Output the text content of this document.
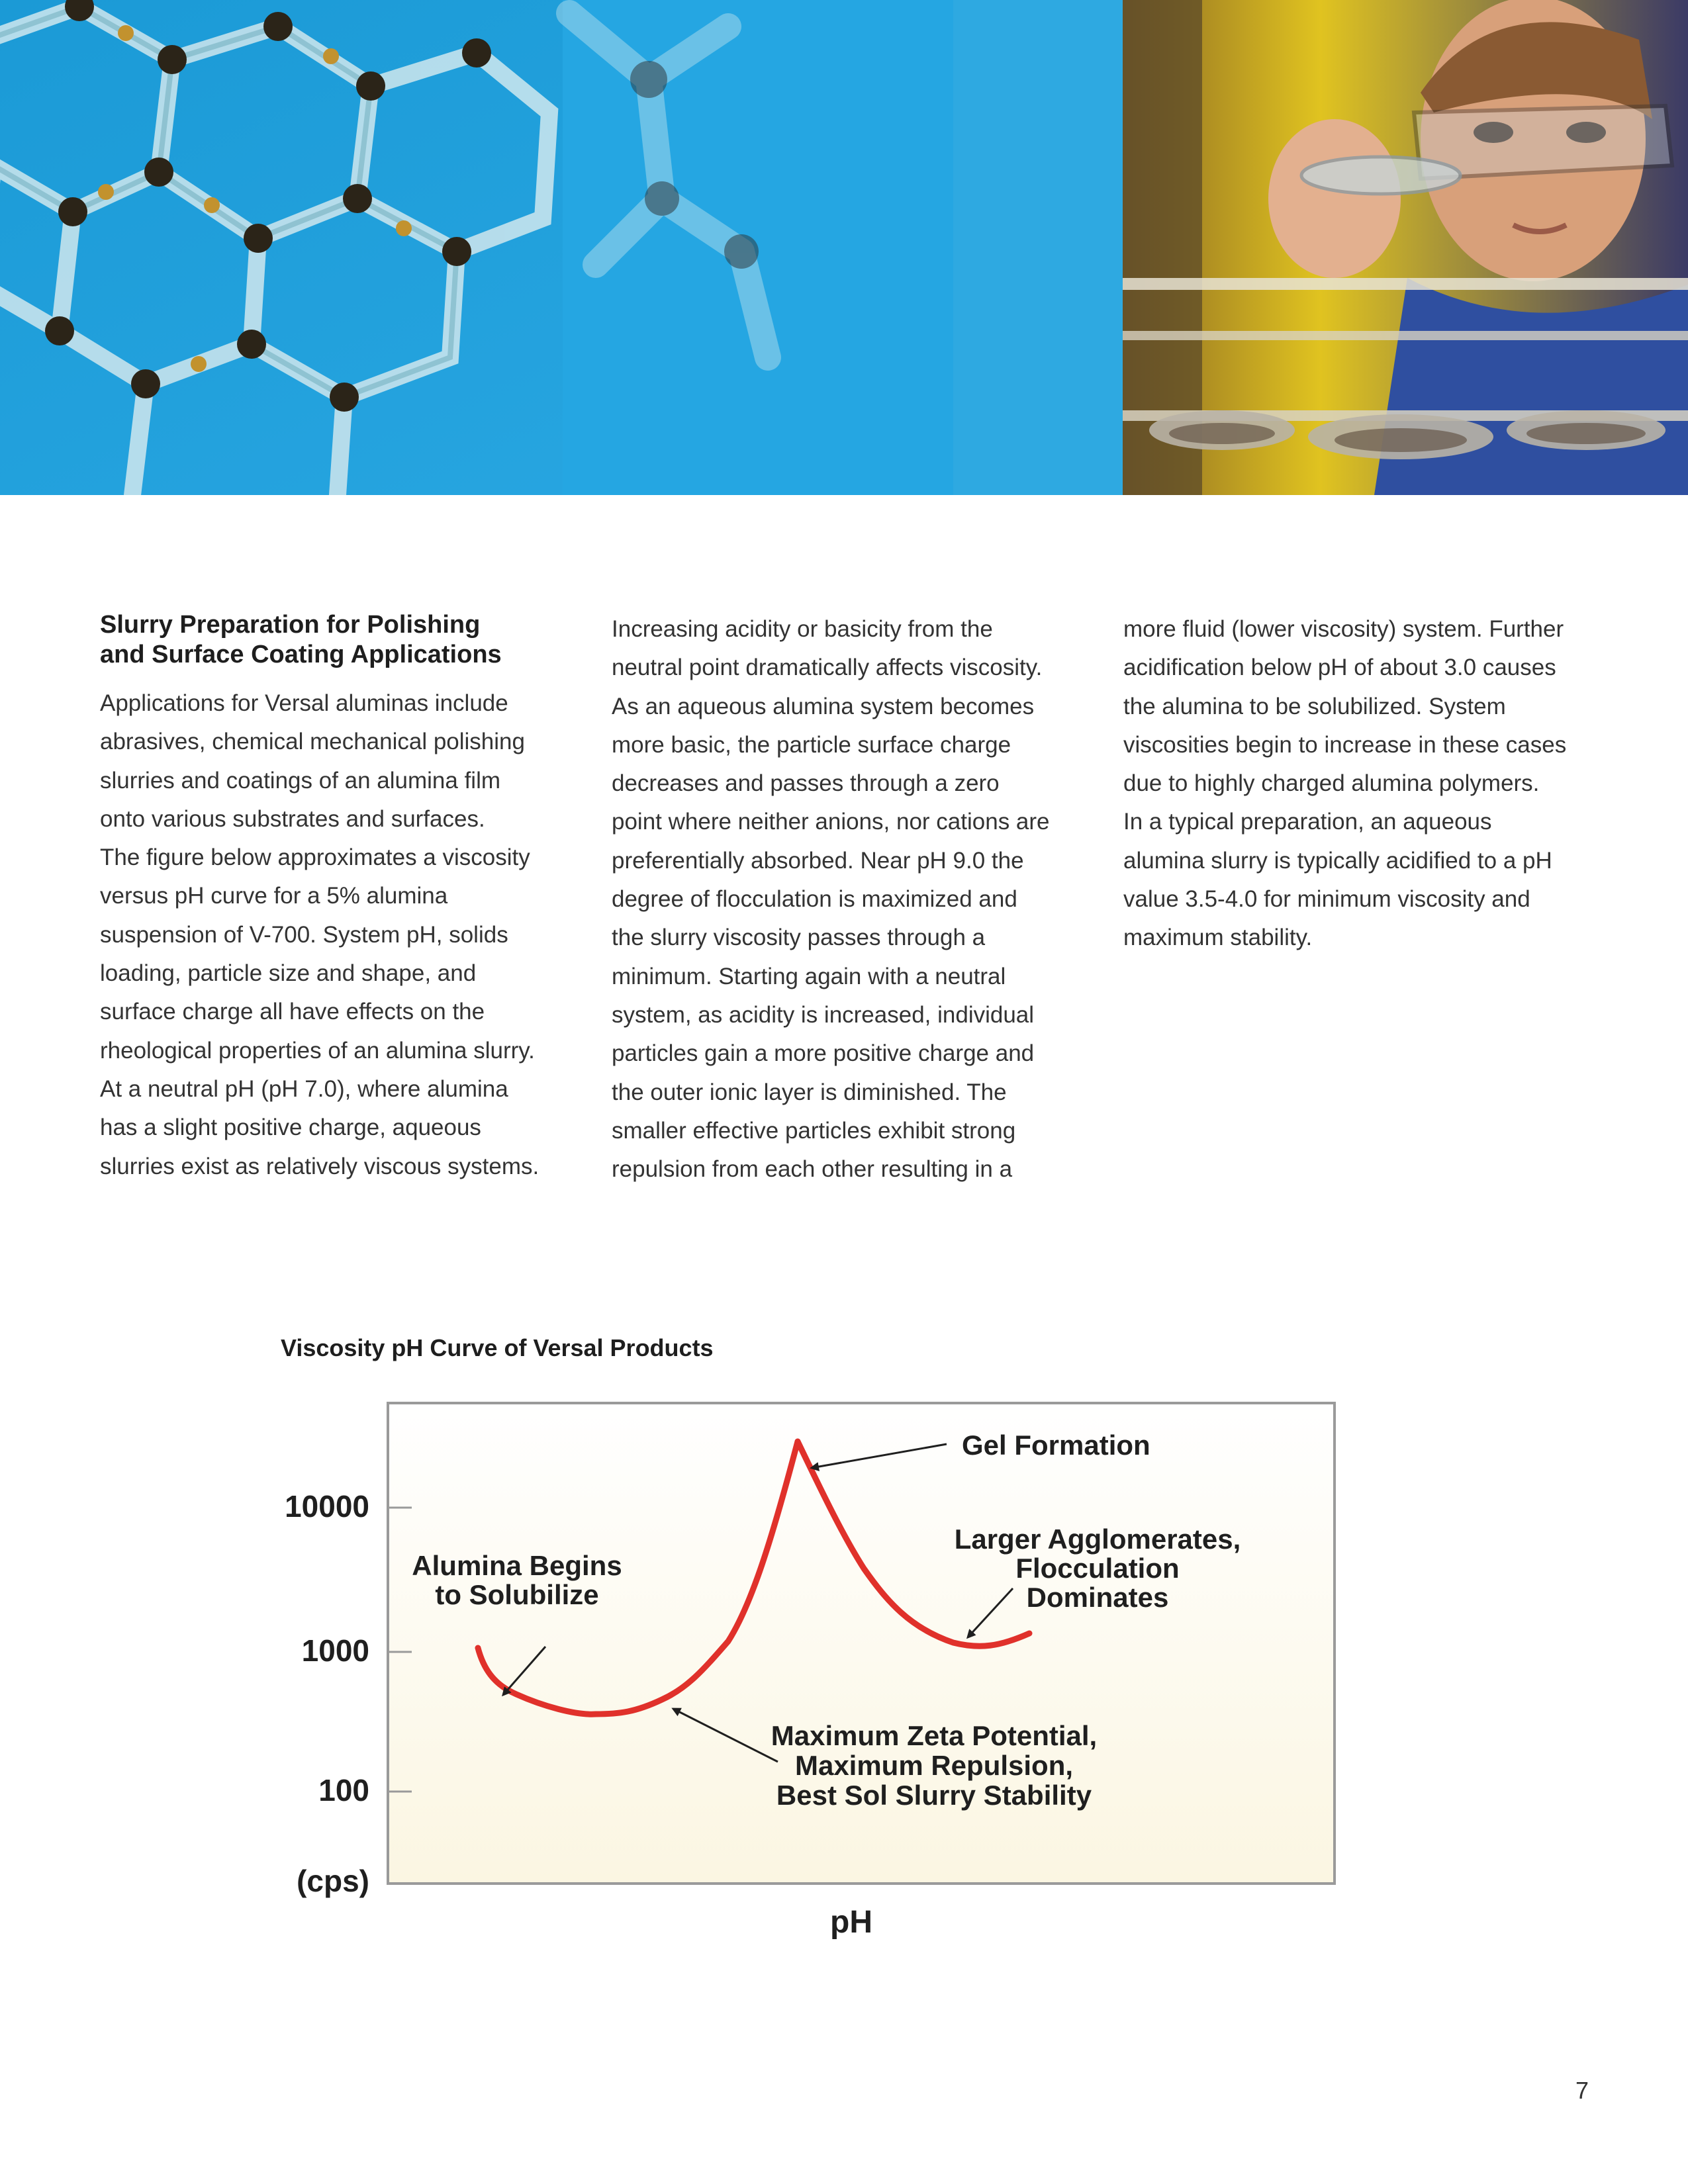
Slurry Preparation for Polishing
and Surface Coating Applications

Applications for Versal aluminas include
abrasives, chemical mechanical polishing
slurries and coatings of an alumina film
onto various substrates and surfaces.
The figure below approximates a viscosity
versus pH curve for a 5% alumina
suspension of V-700. System pH, solids
loading, particle size and shape, and
surface charge all have effects on the
rheological properties of an alumina slurry.
At a neutral pH (pH 7.0), where alumina
has a slight positive charge, aqueous
slurries exist as relatively viscous systems.

Increasing acidity or basicity from the
neutral point dramatically affects viscosity.
As an aqueous alumina system becomes
more basic, the particle surface charge
decreases and passes through a zero
point where neither anions, nor cations are
preferentially absorbed. Near pH 9.0 the
degree of flocculation is maximized and
the slurry viscosity passes through a
minimum. Starting again with a neutral
system, as acidity is increased, individual
particles gain a more positive charge and
the outer ionic layer is diminished. The
smaller effective particles exhibit strong
repulsion from each other resulting in a

more fluid (lower viscosity) system. Further
acidification below pH of about 3.0 causes
the alumina to be solubilized. System
viscosities begin to increase in these cases
due to highly charged alumina polymers.
In a typical preparation, an aqueous
alumina slurry is typically acidified to a pH
value 3.5-4.0 for minimum viscosity and
maximum stability.

Viscosity pH Curve of Versal Products
10000
1000
100
(cps)
pH
Gel Formation
Larger Agglomerates,
Flocculation
Dominates
Alumina Begins
to Solubilize
Maximum Zeta Potential,
Maximum Repulsion,
Best Sol Slurry Stability
7
